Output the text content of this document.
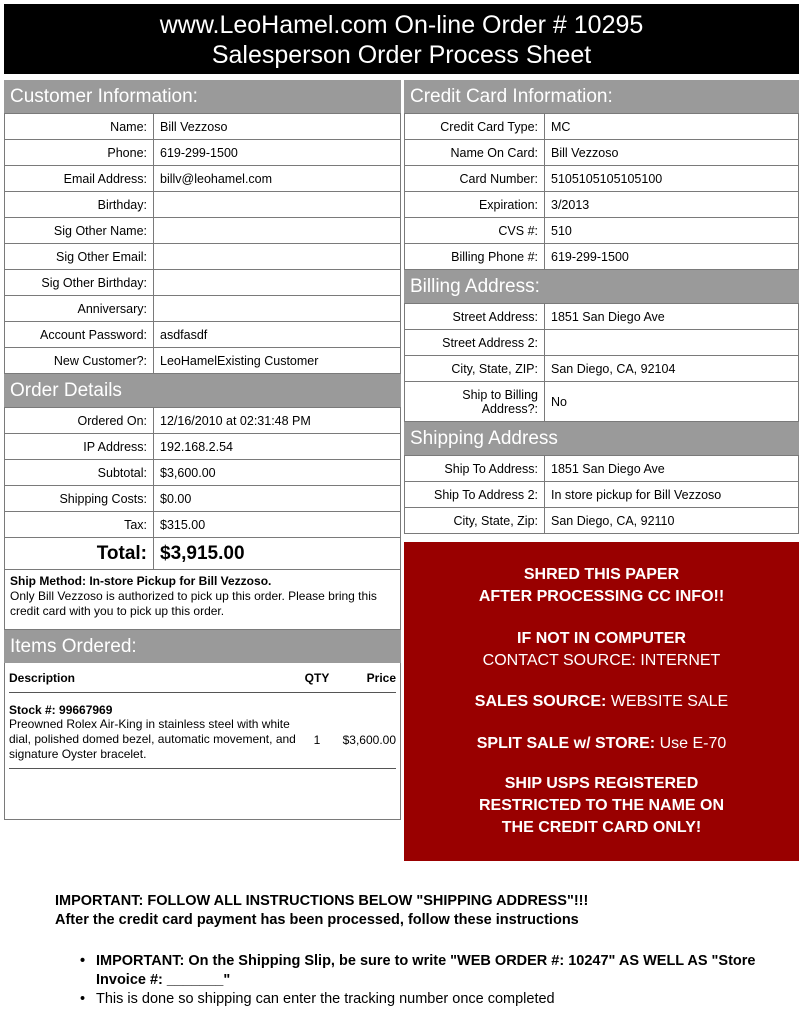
www.LeoHamel.com On-line Order # 10295
Salesperson Order Process Sheet
Customer Information:
Name:	Bill Vezzoso
Phone:	619-299-1500
Email Address:	billv@leohamel.com
Birthday:	
Sig Other Name:	
Sig Other Email:	
Sig Other Birthday:	
Anniversary:	
Account Password:	asdfasdf
New Customer?:	LeoHamelExisting Customer
Order Details
Ordered On:	12/16/2010 at 02:31:48 PM
IP Address:	192.168.2.54
Subtotal:	$3,600.00
Shipping Costs:	$0.00
Tax:	$315.00
Total:	$3,915.00
Ship Method: In-store Pickup for Bill Vezzoso.
Only Bill Vezzoso is authorized to pick up this order. Please bring this credit card with you to pick up this order.
Items Ordered:
Description	QTY	Price
Stock #: 99667969
Preowned Rolex Air-King in stainless steel with white dial, polished domed bezel, automatic movement, and signature Oyster bracelet.
1	$3,600.00
Credit Card Information:
Credit Card Type:	MC
Name On Card:	Bill Vezzoso
Card Number:	5105105105105100
Expiration:	3/2013
CVS #:	510
Billing Phone #:	619-299-1500
Billing Address:
Street Address:	1851 San Diego Ave
Street Address 2:	
City, State, ZIP:	San Diego, CA, 92104
Ship to Billing Address?:	No
Shipping Address
Ship To Address:	1851 San Diego Ave
Ship To Address 2:	In store pickup for Bill Vezzoso
City, State, Zip:	San Diego, CA, 92110
SHRED THIS PAPER
AFTER PROCESSING CC INFO!!
IF NOT IN COMPUTER
CONTACT SOURCE: INTERNET
SALES SOURCE: WEBSITE SALE
SPLIT SALE w/ STORE: Use E-70
SHIP USPS REGISTERED
RESTRICTED TO THE NAME ON
THE CREDIT CARD ONLY!
IMPORTANT: FOLLOW ALL INSTRUCTIONS BELOW "SHIPPING ADDRESS"!!!
After the credit card payment has been processed, follow these instructions
• IMPORTANT: On the Shipping Slip, be sure to write "WEB ORDER #: 10247" AS WELL AS "Store Invoice #: _______"
• This is done so shipping can enter the tracking number once completed
